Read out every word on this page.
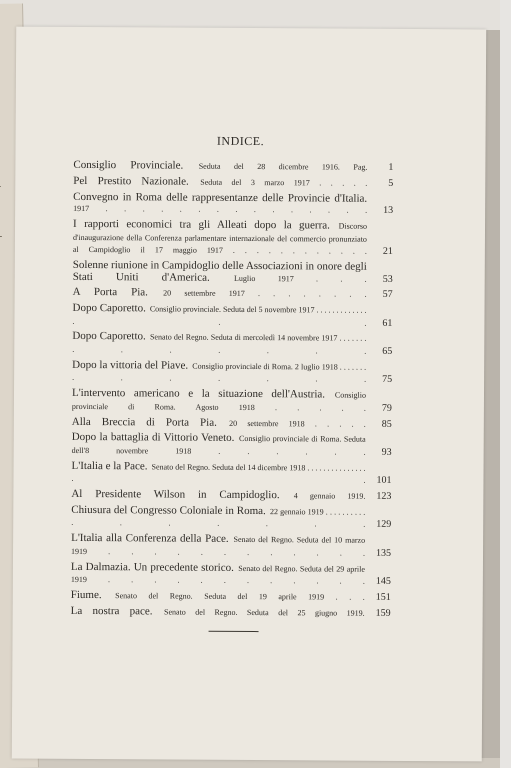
INDICE.
Consiglio Provinciale. Seduta del 28 dicembre 1916. Pag.	1
Pel Prestito Nazionale. Seduta del 3 marzo 1917 . . . . .	5
Convegno in Roma delle rappresentanze delle Provincie d'Italia. 1917 . . . . . . . . . . . . . . .	13
I rapporti economici tra gli Alleati dopo la guerra. Discorso d'inaugurazione della Conferenza parlamentare internazionale del commercio pronunziato al Campidoglio il 17 maggio 1917 . . . . . . . . . . . .	21
Solenne riunione in Campidoglio delle Associazioni in onore degli Stati Uniti d'America.	Luglio 1917 . . .	53
A Porta Pia. 20 settembre 1917 . . . . . . . .	57
Dopo Caporetto. Consiglio provinciale. Seduta del 5 novembre 1917 . . . . . . . . . . . . . . . .	61
Dopo Caporetto. Senato del Regno. Seduta di mercoledì 14 novembre 1917 . . . . . . . . . . . . . .	65
Dopo la vittoria del Piave. Consiglio provinciale di Roma. 2 luglio 1918 . . . . . . . . . . . . . .	75
L'intervento americano e la situazione dell'Austria. Consiglio provinciale di Roma. Agosto 1918 . . . . .	79
Alla Breccia di Porta Pia. 20 settembre 1918 . . . . .	85
Dopo la battaglia di Vittorio Veneto. Consiglio provinciale di Roma. Seduta dell'8 novembre 1918 . . . . . .	93
L'Italia e la Pace. Senato del Regno. Seduta del 14 dicembre 1918 . . . . . . . . . . . . . . . . .	101
Al Presidente Wilson in Campidoglio. 4 gennaio 1919.	123
Chiusura del Congresso Coloniale in Roma. 22 gennaio 1919 . . . . . . . . . . . . . . . . .	129
L'Italia alla Conferenza della Pace. Senato del Regno. Seduta del 10 marzo 1919 . . . . . . . . . . . .	135
La Dalmazia. Un precedente storico. Senato del Regno. Seduta del 29 aprile 1919 . . . . . . . . . . . .	145
Fiume. Senato del Regno. Seduta del 19 aprile 1919 . . .	151
La nostra pace. Senato del Regno. Seduta del 25 giugno 1919.	159
